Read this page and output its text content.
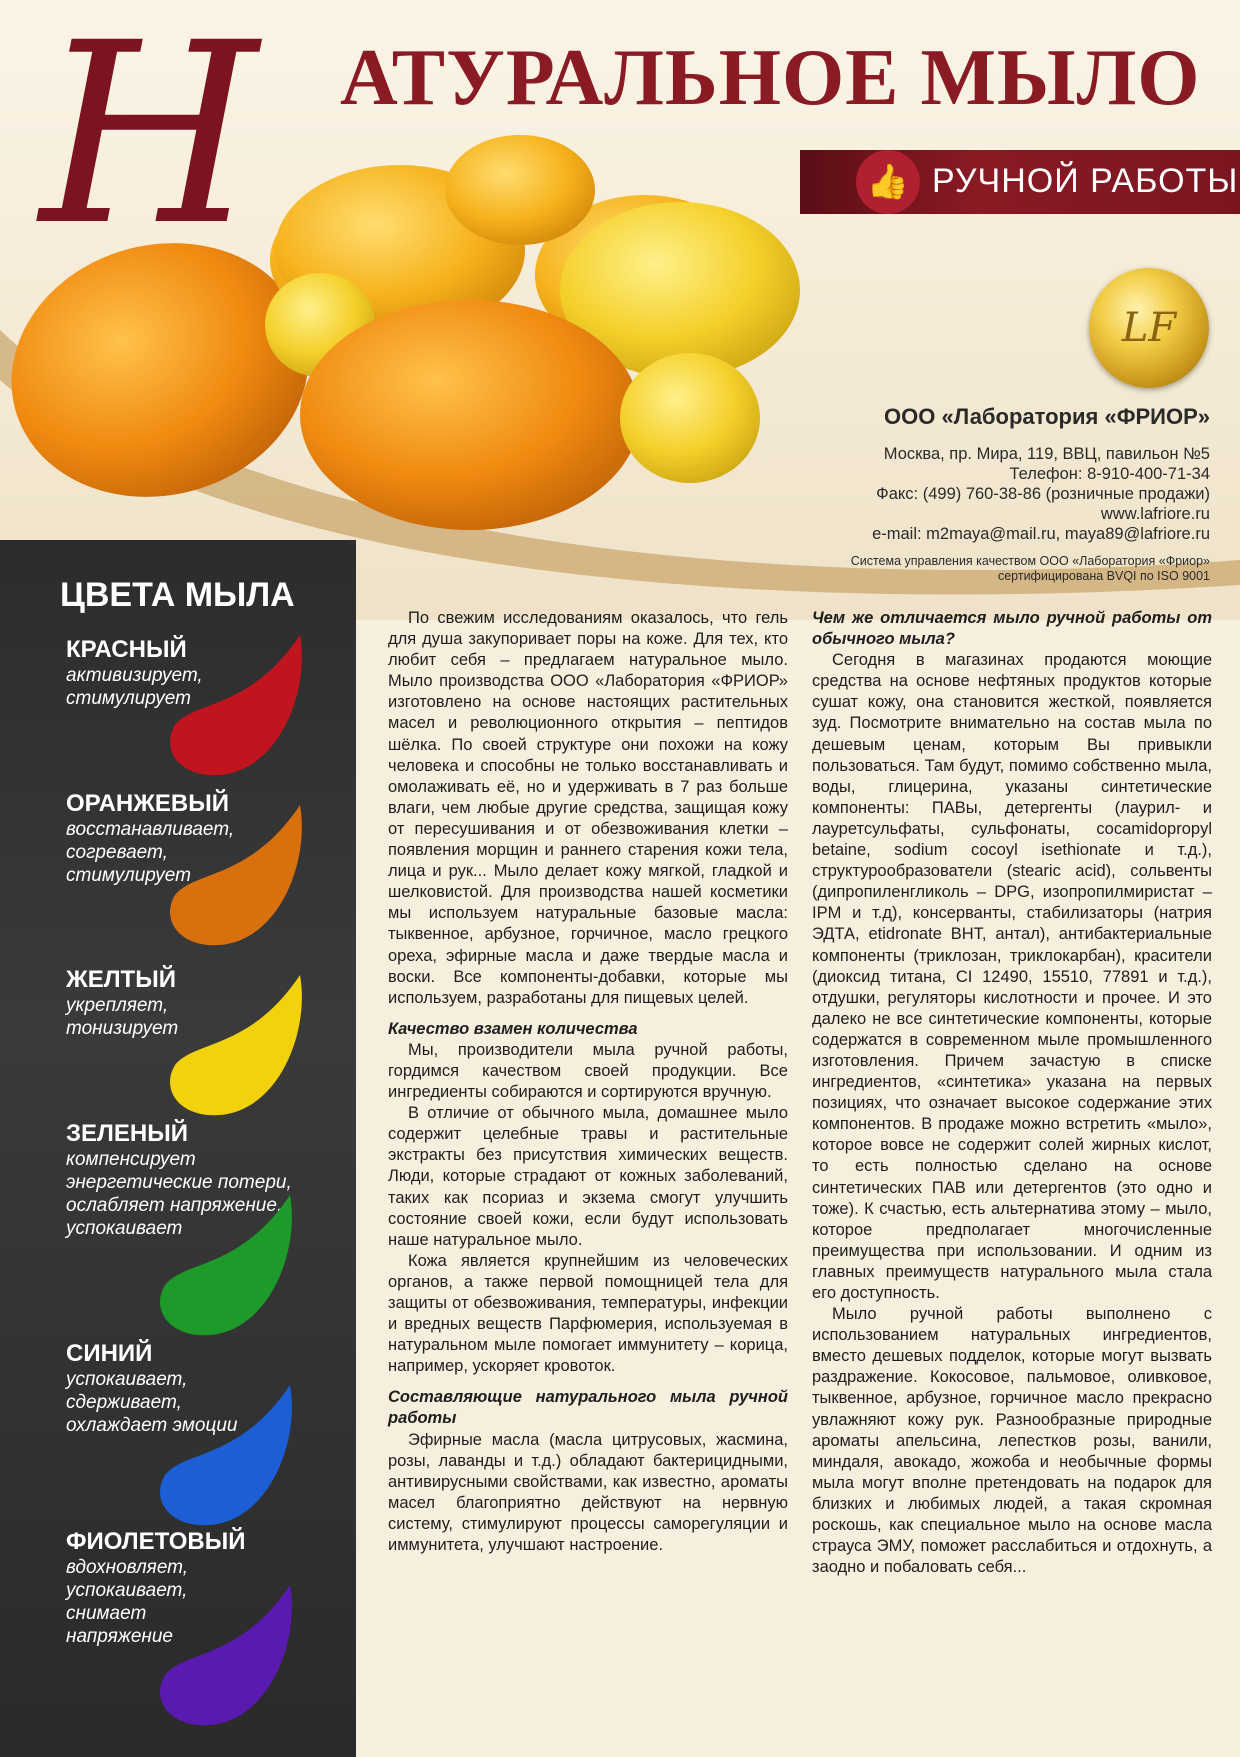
Н АТУРАЛЬНОЕ МЫЛО
👍 РУЧНОЙ РАБОТЫ
LF
ООО «Лаборатория «ФРИОР»
Москва, пр. Мира, 119, ВВЦ, павильон №5
Телефон: 8-910-400-71-34
Факс: (499) 760-38-86 (розничные продажи)
www.lafriore.ru
e-mail: m2maya@mail.ru, maya89@lafriore.ru
Система управления качеством ООО «Лаборатория «Фриор»
сертифицирована BVQI по ISO 9001
ЦВЕТА МЫЛА
КРАСНЫЙ
активизирует, стимулирует
ОРАНЖЕВЫЙ
восстанавливает, согревает, стимулирует
ЖЕЛТЫЙ
укрепляет, тонизирует
ЗЕЛЕНЫЙ
компенсирует энергетические потери, ослабляет напряжение, успокаивает
СИНИЙ
успокаивает, сдерживает, охлаждает эмоции
ФИОЛЕТОВЫЙ
вдохновляет, успокаивает, снимает напряжение

По свежим исследованиям оказалось, что гель для душа закупоривает поры на коже. Для тех, кто любит себя – предлагаем натуральное мыло. Мыло производства ООО «Лаборатория «ФРИОР» изготовлено на основе настоящих растительных масел и революционного открытия – пептидов шёлка. По своей структуре они похожи на кожу человека и способны не только восстанавливать и омолаживать её, но и удерживать в 7 раз больше влаги, чем любые другие средства, защищая кожу от пересушивания и от обезвоживания клетки – появления морщин и раннего старения кожи тела, лица и рук... Мыло делает кожу мягкой, гладкой и шелковистой. Для производства нашей косметики мы используем натуральные базовые масла: тыквенное, арбузное, горчичное, масло грецкого ореха, эфирные масла и даже твердые масла и воски. Все компоненты-добавки, которые мы используем, разработаны для пищевых целей.

Качество взамен количества

Мы, производители мыла ручной работы, гордимся качеством своей продукции. Все ингредиенты собираются и сортируются вручную.

В отличие от обычного мыла, домашнее мыло содержит целебные травы и растительные экстракты без присутствия химических веществ. Люди, которые страдают от кожных заболеваний, таких как псориаз и экзема смогут улучшить состояние своей кожи, если будут использовать наше натуральное мыло.

Кожа является крупнейшим из человеческих органов, а также первой помощницей тела для защиты от обезвоживания, температуры, инфекции и вредных веществ Парфюмерия, используемая в натуральном мыле помогает иммунитету – корица, например, ускоряет кровоток.

Составляющие натурального мыла ручной работы

Эфирные масла (масла цитрусовых, жасмина, розы, лаванды и т.д.) обладают бактерицидными, антивирусными свойствами, как известно, ароматы масел благоприятно действуют на нервную систему, стимулируют процессы саморегуляции и иммунитета, улучшают настроение.

Чем же отличается мыло ручной работы от обычного мыла?

Сегодня в магазинах продаются моющие средства на основе нефтяных продуктов которые сушат кожу, она становится жесткой, появляется зуд. Посмотрите внимательно на состав мыла по дешевым ценам, которым Вы привыкли пользоваться. Там будут, помимо собственно мыла, воды, глицерина, указаны синтетические компоненты: ПАВы, детергенты (лаурил- и лауретсульфаты, сульфонаты, cocamidopropyl betaine, sodium cocoyl isethionate и т.д.), структурообразователи (stearic acid), сольвенты (дипропиленгликоль – DPG, изопропилмиристат – IPM и т.д), консерванты, стабилизаторы (натрия ЭДТА, etidronate BHT, антал), антибактериальные компоненты (триклозан, триклокарбан), красители (диоксид титана, CI 12490, 15510, 77891 и т.д.), отдушки, регуляторы кислотности и прочее. И это далеко не все синтетические компоненты, которые содержатся в современном мыле промышленного изготовления. Причем зачастую в списке ингредиентов, «синтетика» указана на первых позициях, что означает высокое содержание этих компонентов. В продаже можно встретить «мыло», которое вовсе не содержит солей жирных кислот, то есть полностью сделано на основе синтетических ПАВ или детергентов (это одно и тоже). К счастью, есть альтернатива этому – мыло, которое предполагает многочисленные преимущества при использовании. И одним из главных преимуществ натурального мыла стала его доступность.

Мыло ручной работы выполнено с использованием натуральных ингредиентов, вместо дешевых подделок, которые могут вызвать раздражение. Кокосовое, пальмовое, оливковое, тыквенное, арбузное, горчичное масло прекрасно увлажняют кожу рук. Разнообразные природные ароматы апельсина, лепестков розы, ванили, миндаля, авокадо, жожоба и необычные формы мыла могут вполне претендовать на подарок для близких и любимых людей, а такая скромная роскошь, как специальное мыло на основе масла страуса ЭМУ, поможет расслабиться и отдохнуть, а заодно и побаловать себя...
